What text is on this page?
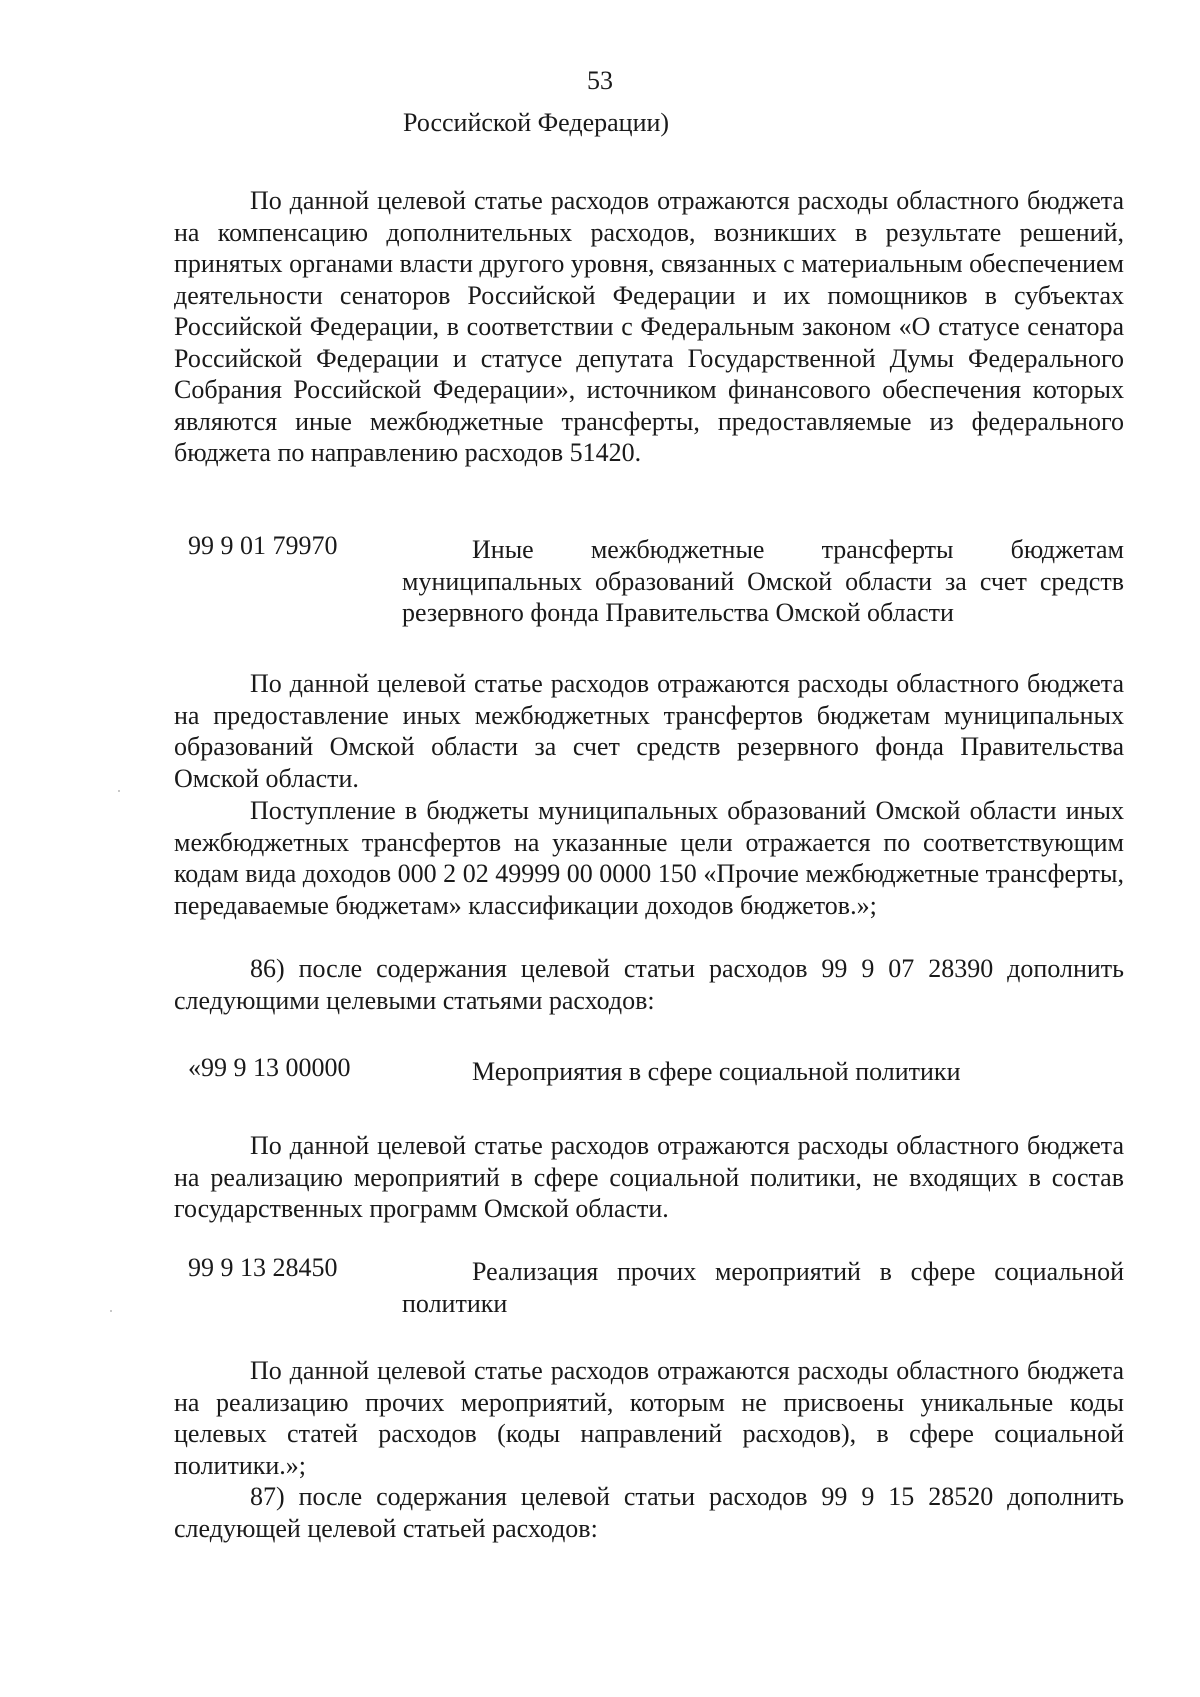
53
Российской Федерации)

По данной целевой статье расходов отражаются расходы областного бюджета на компенсацию дополнительных расходов, возникших в результате решений, принятых органами власти другого уровня, связанных с материальным обеспечением деятельности сенаторов Российской Федерации и их помощников в субъектах Российской Федерации, в соответствии с Федеральным законом «О статусе сенатора Российской Федерации и статусе депутата Государственной Думы Федерального Собрания Российской Федерации», источником финансового обеспечения которых являются иные межбюджетные трансферты, предоставляемые из федерального бюджета по направлению расходов 51420.

99 9 01 79970	Иные межбюджетные трансферты бюджетам муниципальных образований Омской области за счет средств резервного фонда Правительства Омской области

По данной целевой статье расходов отражаются расходы областного бюджета на предоставление иных межбюджетных трансфертов бюджетам муниципальных образований Омской области за счет средств резервного фонда Правительства Омской области.

Поступление в бюджеты муниципальных образований Омской области иных межбюджетных трансфертов на указанные цели отражается по соответствующим кодам вида доходов 000 2 02 49999 00 0000 150 «Прочие межбюджетные трансферты, передаваемые бюджетам» классификации доходов бюджетов.»;

86) после содержания целевой статьи расходов 99 9 07 28390 дополнить следующими целевыми статьями расходов:

«99 9 13 00000	Мероприятия в сфере социальной политики

По данной целевой статье расходов отражаются расходы областного бюджета на реализацию мероприятий в сфере социальной политики, не входящих в состав государственных программ Омской области.

99 9 13 28450	Реализация прочих мероприятий в сфере социальной политики

По данной целевой статье расходов отражаются расходы областного бюджета на реализацию прочих мероприятий, которым не присвоены уникальные коды целевых статей расходов (коды направлений расходов), в сфере социальной политики.»;

87) после содержания целевой статьи расходов 99 9 15 28520 дополнить следующей целевой статьей расходов:
